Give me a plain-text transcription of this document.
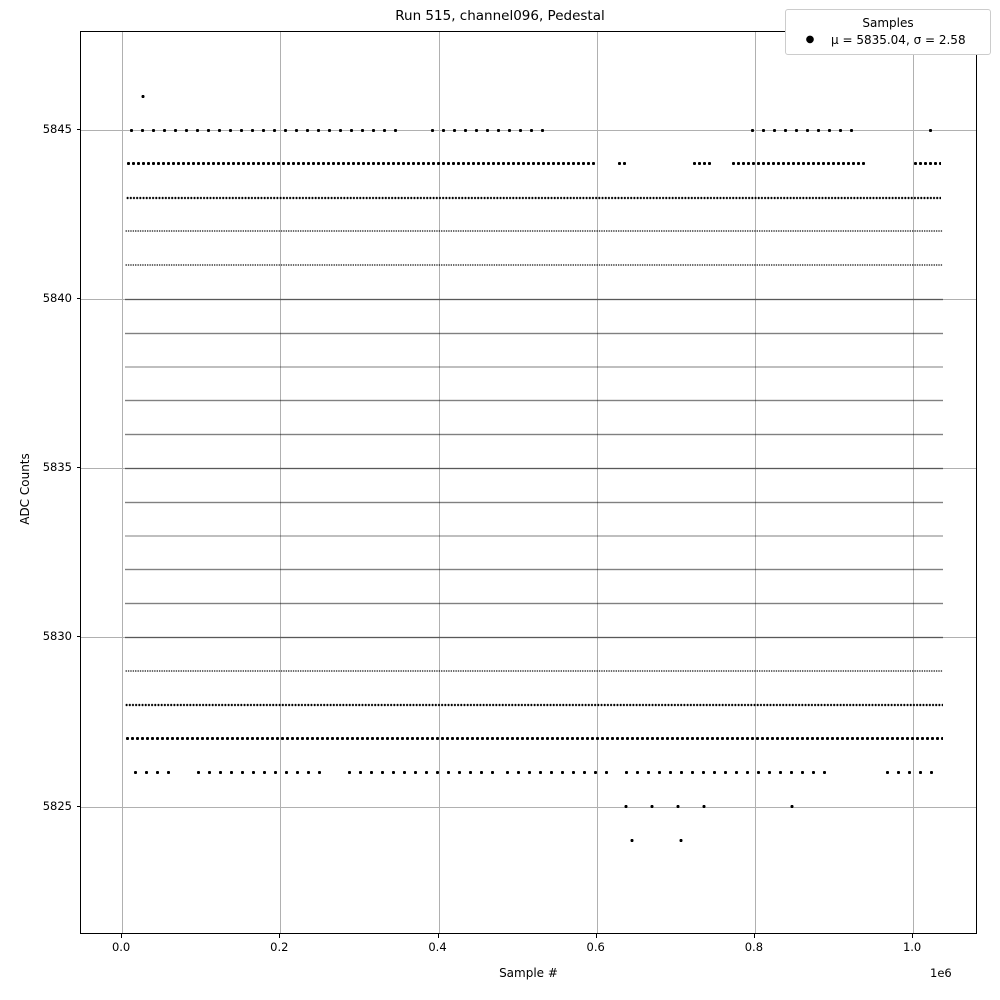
Run 515, channel096, Pedestal
5825
5830
5835
5840
5845
0.0	0.2	0.4	0.6	0.8	1.0
ADC Counts
Sample #	1e6
Samples
●	μ = 5835.04, σ = 2.58
